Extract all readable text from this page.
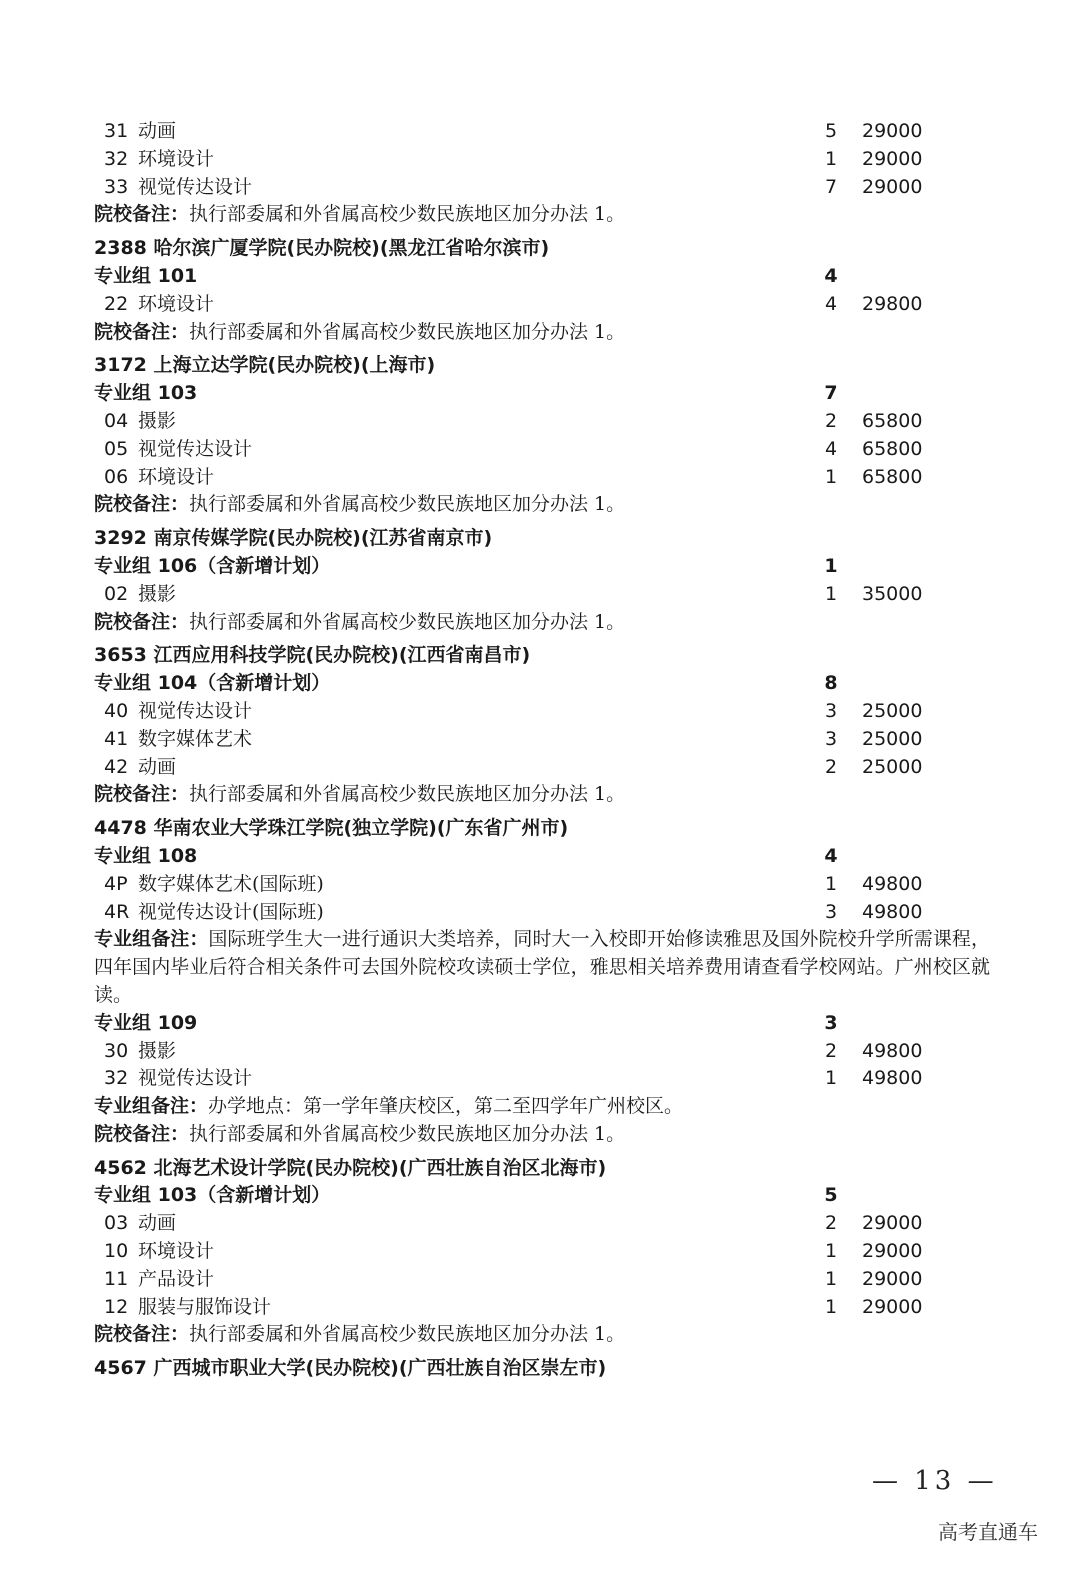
31 动画	5 29000
32 环境设计	1 29000
33 视觉传达设计	7 29000
院校备注：执行部委属和外省属高校少数民族地区加分办法 1。
2388 哈尔滨广厦学院(民办院校)(黑龙江省哈尔滨市)
专业组 101	4
22 环境设计	4 29800
院校备注：执行部委属和外省属高校少数民族地区加分办法 1。
3172 上海立达学院(民办院校)(上海市)
专业组 103	7
04 摄影	2 65800
05 视觉传达设计	4 65800
06 环境设计	1 65800
院校备注：执行部委属和外省属高校少数民族地区加分办法 1。
3292 南京传媒学院(民办院校)(江苏省南京市)
专业组 106（含新增计划）	1
02 摄影	1 35000
院校备注：执行部委属和外省属高校少数民族地区加分办法 1。
3653 江西应用科技学院(民办院校)(江西省南昌市)
专业组 104（含新增计划）	8
40 视觉传达设计	3 25000
41 数字媒体艺术	3 25000
42 动画	2 25000
院校备注：执行部委属和外省属高校少数民族地区加分办法 1。
4478 华南农业大学珠江学院(独立学院)(广东省广州市)
专业组 108	4
4P 数字媒体艺术(国际班)	1 49800
4R 视觉传达设计(国际班)	3 49800
专业组备注：国际班学生大一进行通识大类培养，同时大一入校即开始修读雅思及国外院校升学所需课程，四年国内毕业后符合相关条件可去国外院校攻读硕士学位，雅思相关培养费用请查看学校网站。广州校区就读。
专业组 109	3
30 摄影	2 49800
32 视觉传达设计	1 49800
专业组备注：办学地点：第一学年肇庆校区，第二至四学年广州校区。
院校备注：执行部委属和外省属高校少数民族地区加分办法 1。
4562 北海艺术设计学院(民办院校)(广西壮族自治区北海市)
专业组 103（含新增计划）	5
03 动画	2 29000
10 环境设计	1 29000
11 产品设计	1 29000
12 服装与服饰设计	1 29000
院校备注：执行部委属和外省属高校少数民族地区加分办法 1。
4567 广西城市职业大学(民办院校)(广西壮族自治区崇左市)
— 13 —
高考直通车
